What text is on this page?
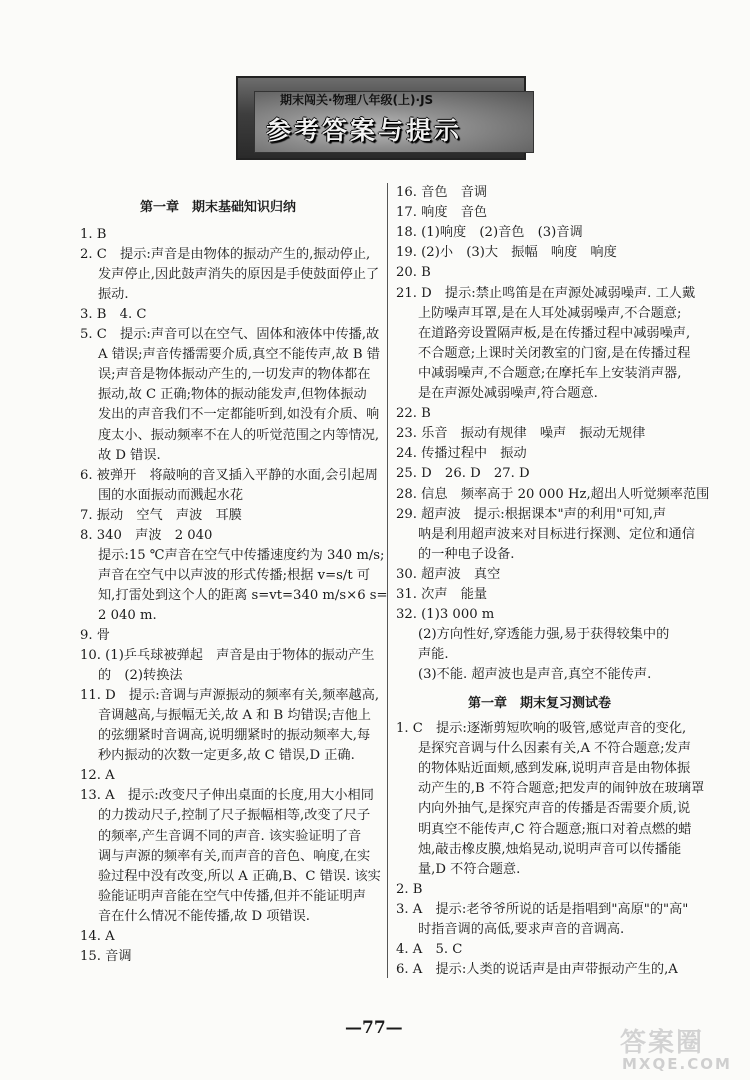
期末闯关·物理八年级(上)·JS
参考答案与提示
第一章　期末基础知识归纳
1. B
2. C　提示:声音是由物体的振动产生的,振动停止,
发声停止,因此鼓声消失的原因是手使鼓面停止了
振动.
3. B　4. C
5. C　提示:声音可以在空气、固体和液体中传播,故
A 错误;声音传播需要介质,真空不能传声,故 B 错
误;声音是物体振动产生的,一切发声的物体都在
振动,故 C 正确;物体的振动能发声,但物体振动
发出的声音我们不一定都能听到,如没有介质、响
度太小、振动频率不在人的听觉范围之内等情况,
故 D 错误.
6. 被弹开　将敲响的音叉插入平静的水面,会引起周
围的水面振动而溅起水花
7. 振动　空气　声波　耳膜
8. 340　声波　2 040
提示:15 ℃声音在空气中传播速度约为 340 m/s;
声音在空气中以声波的形式传播;根据 v=s/t 可
知,打雷处到这个人的距离 s=vt=340 m/s×6 s=
2 040 m.
9. 骨
10. (1)乒乓球被弹起　声音是由于物体的振动产生
的　(2)转换法
11. D　提示:音调与声源振动的频率有关,频率越高,
音调越高,与振幅无关,故 A 和 B 均错误;吉他上
的弦绷紧时音调高,说明绷紧时的振动频率大,每
秒内振动的次数一定更多,故 C 错误,D 正确.
12. A
13. A　提示:改变尺子伸出桌面的长度,用大小相同
的力拨动尺子,控制了尺子振幅相等,改变了尺子
的频率,产生音调不同的声音. 该实验证明了音
调与声源的频率有关,而声音的音色、响度,在实
验过程中没有改变,所以 A 正确,B、C 错误. 该实
验能证明声音能在空气中传播,但并不能证明声
音在什么情况不能传播,故 D 项错误.
14. A
15. 音调
第一章　期末复习测试卷
16. 音色　音调
17. 响度　音色
18. (1)响度　(2)音色　(3)音调
19. (2)小　(3)大　振幅　响度　响度
20. B
21. D　提示:禁止鸣笛是在声源处减弱噪声. 工人戴
上防噪声耳罩,是在人耳处减弱噪声,不合题意;
在道路旁设置隔声板,是在传播过程中减弱噪声,
不合题意;上课时关闭教室的门窗,是在传播过程
中减弱噪声,不合题意;在摩托车上安装消声器,
是在声源处减弱噪声,符合题意.
22. B
23. 乐音　振动有规律　噪声　振动无规律
24. 传播过程中　振动
25. D　26. D　27. D
28. 信息　频率高于 20 000 Hz,超出人听觉频率范围
29. 超声波　提示:根据课本"声的利用"可知,声
呐是利用超声波来对目标进行探测、定位和通信
的一种电子设备.
30. 超声波　真空
31. 次声　能量
32. (1)3 000 m
(2)方向性好,穿透能力强,易于获得较集中的
声能.
(3)不能. 超声波也是声音,真空不能传声.
1. C　提示:逐渐剪短吹响的吸管,感觉声音的变化,
是探究音调与什么因素有关,A 不符合题意;发声
的物体贴近面颊,感到发麻,说明声音是由物体振
动产生的,B 不符合题意;把发声的闹钟放在玻璃罩
内向外抽气,是探究声音的传播是否需要介质,说
明真空不能传声,C 符合题意;瓶口对着点燃的蜡
烛,敲击橡皮膜,烛焰晃动,说明声音可以传播能
量,D 不符合题意.
2. B
3. A　提示:老爷爷所说的话是指唱到"高原"的"高"
时指音调的高低,要求声音的音调高.
4. A　5. C
6. A　提示:人类的说话声是由声带振动产生的,A
—77—	答案圈
MXQE.COM
